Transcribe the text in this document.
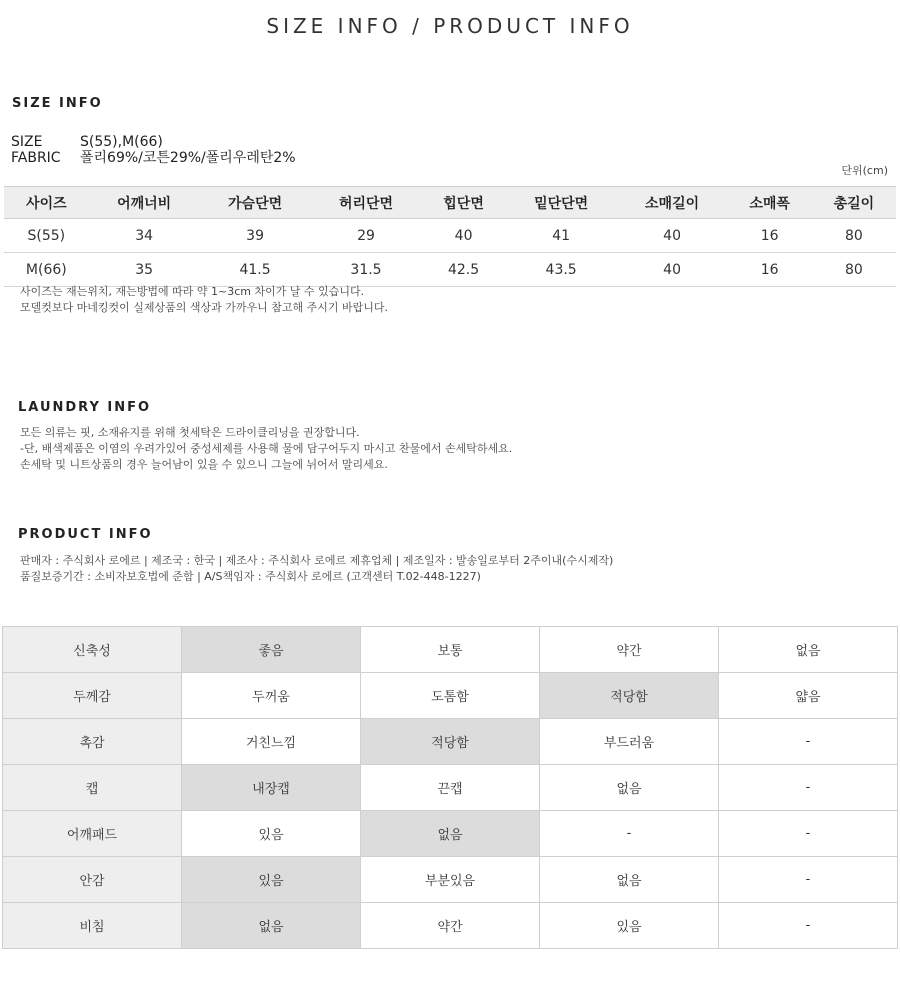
SIZE INFO / PRODUCT INFO
SIZE INFO
SIZE	S(55),M(66)
FABRIC	폴리69%/코튼29%/폴리우레탄2%
단위(cm)
사이즈	어깨너비	가슴단면	허리단면	힙단면	밑단단면	소매길이	소매폭	총길이
S(55)	34	39	29	40	41	40	16	80
M(66)	35	41.5	31.5	42.5	43.5	40	16	80
사이즈는 재는위치, 재는방법에 따라 약 1~3cm 차이가 날 수 있습니다.
모델컷보다 마네킹컷이 실제상품의 색상과 가까우니 참고해 주시기 바랍니다.
LAUNDRY INFO
모든 의류는 핏, 소재유지를 위해 첫세탁은 드라이클리닝을 권장합니다.
-단, 배색제품은 이염의 우려가있어 중성세제를 사용해 물에 담구어두지 마시고 찬물에서 손세탁하세요.
손세탁 및 니트상품의 경우 늘어남이 있을 수 있으니 그늘에 뉘어서 말리세요.
PRODUCT INFO
판매자 : 주식회사 로에르 | 제조국 : 한국 | 제조사 : 주식회사 로에르 제휴업체 | 제조일자 : 발송일로부터 2주이내(수시제작)
품질보증기간 : 소비자보호법에 준함 | A/S책임자 : 주식회사 로에르 (고객센터 T.02-448-1227)
신축성	좋음	보통	약간	없음
두께감	두꺼움	도톰함	적당함	얇음
촉감	거친느낌	적당함	부드러움	-
캡	내장캡	끈캡	없음	-
어깨패드	있음	없음	-	-
안감	있음	부분있음	없음	-
비침	없음	약간	있음	-
